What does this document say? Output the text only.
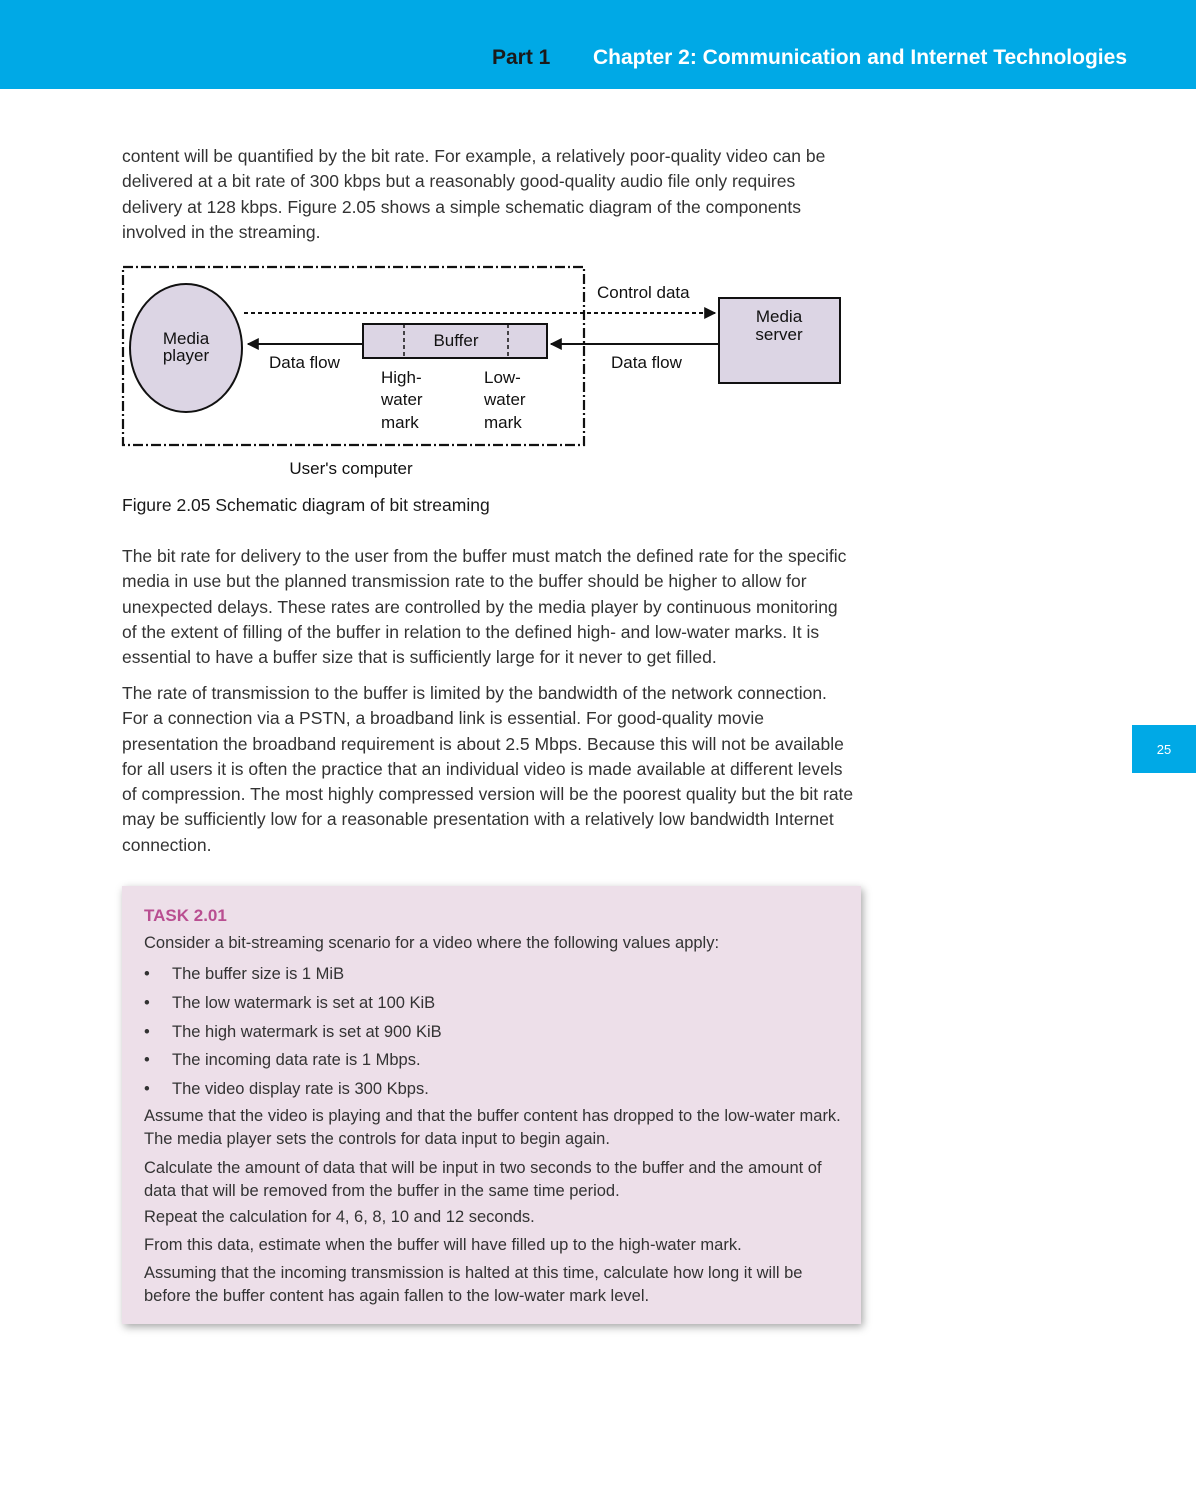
Part 1 Chapter 2: Communication and Internet Technologies
25

content will be quantified by the bit rate. For example, a relatively poor-quality video can be delivered at a bit rate of 300 kbps but a reasonably good-quality audio file only requires delivery at 128 kbps. Figure 2.05 shows a simple schematic diagram of the components involved in the streaming.

Media
player
Buffer
Media
server
Control data
Data flow	Data flow
High-
water
mark
Low-
water
mark
User's computer
Figure 2.05 Schematic diagram of bit streaming

The bit rate for delivery to the user from the buffer must match the defined rate for the specific media in use but the planned transmission rate to the buffer should be higher to allow for unexpected delays. These rates are controlled by the media player by continuous monitoring of the extent of filling of the buffer in relation to the defined high- and low-water marks. It is essential to have a buffer size that is sufficiently large for it never to get filled.

The rate of transmission to the buffer is limited by the bandwidth of the network connection. For a connection via a PSTN, a broadband link is essential. For good-quality movie presentation the broadband requirement is about 2.5 Mbps. Because this will not be available for all users it is often the practice that an individual video is made available at different levels of compression. The most highly compressed version will be the poorest quality but the bit rate may be sufficiently low for a reasonable presentation with a relatively low bandwidth Internet connection.

TASK 2.01
Consider a bit-streaming scenario for a video where the following values apply:
• The buffer size is 1 MiB
• The low watermark is set at 100 KiB
• The high watermark is set at 900 KiB
• The incoming data rate is 1 Mbps.
• The video display rate is 300 Kbps.

Assume that the video is playing and that the buffer content has dropped to the low-water mark. The media player sets the controls for data input to begin again.

Calculate the amount of data that will be input in two seconds to the buffer and the amount of data that will be removed from the buffer in the same time period.

Repeat the calculation for 4, 6, 8, 10 and 12 seconds.

From this data, estimate when the buffer will have filled up to the high-water mark.

Assuming that the incoming transmission is halted at this time, calculate how long it will be before the buffer content has again fallen to the low-water mark level.
